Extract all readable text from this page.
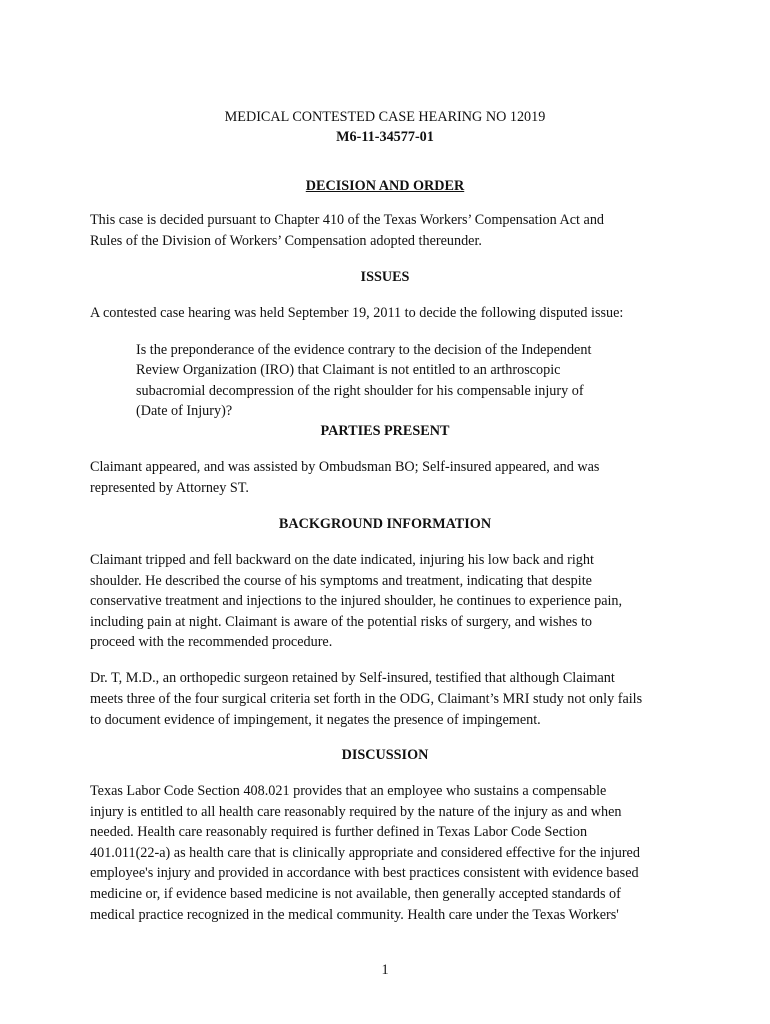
MEDICAL CONTESTED CASE HEARING NO 12019
M6-11-34577-01
DECISION AND ORDER
This case is decided pursuant to Chapter 410 of the Texas Workers’ Compensation Act and
Rules of the Division of Workers’ Compensation adopted thereunder.
ISSUES
A contested case hearing was held September 19, 2011 to decide the following disputed issue:
Is the preponderance of the evidence contrary to the decision of the Independent
Review Organization (IRO) that Claimant is not entitled to an arthroscopic
subacromial decompression of the right shoulder for his compensable injury of
(Date of Injury)?
PARTIES PRESENT
Claimant appeared, and was assisted by Ombudsman BO; Self-insured appeared, and was
represented by Attorney ST.
BACKGROUND INFORMATION
Claimant tripped and fell backward on the date indicated, injuring his low back and right
shoulder. He described the course of his symptoms and treatment, indicating that despite
conservative treatment and injections to the injured shoulder, he continues to experience pain,
including pain at night. Claimant is aware of the potential risks of surgery, and wishes to
proceed with the recommended procedure.
Dr. T, M.D., an orthopedic surgeon retained by Self-insured, testified that although Claimant
meets three of the four surgical criteria set forth in the ODG, Claimant’s MRI study not only fails
to document evidence of impingement, it negates the presence of impingement.
DISCUSSION
Texas Labor Code Section 408.021 provides that an employee who sustains a compensable
injury is entitled to all health care reasonably required by the nature of the injury as and when
needed. Health care reasonably required is further defined in Texas Labor Code Section
401.011(22-a) as health care that is clinically appropriate and considered effective for the injured
employee's injury and provided in accordance with best practices consistent with evidence based
medicine or, if evidence based medicine is not available, then generally accepted standards of
medical practice recognized in the medical community. Health care under the Texas Workers'
1
